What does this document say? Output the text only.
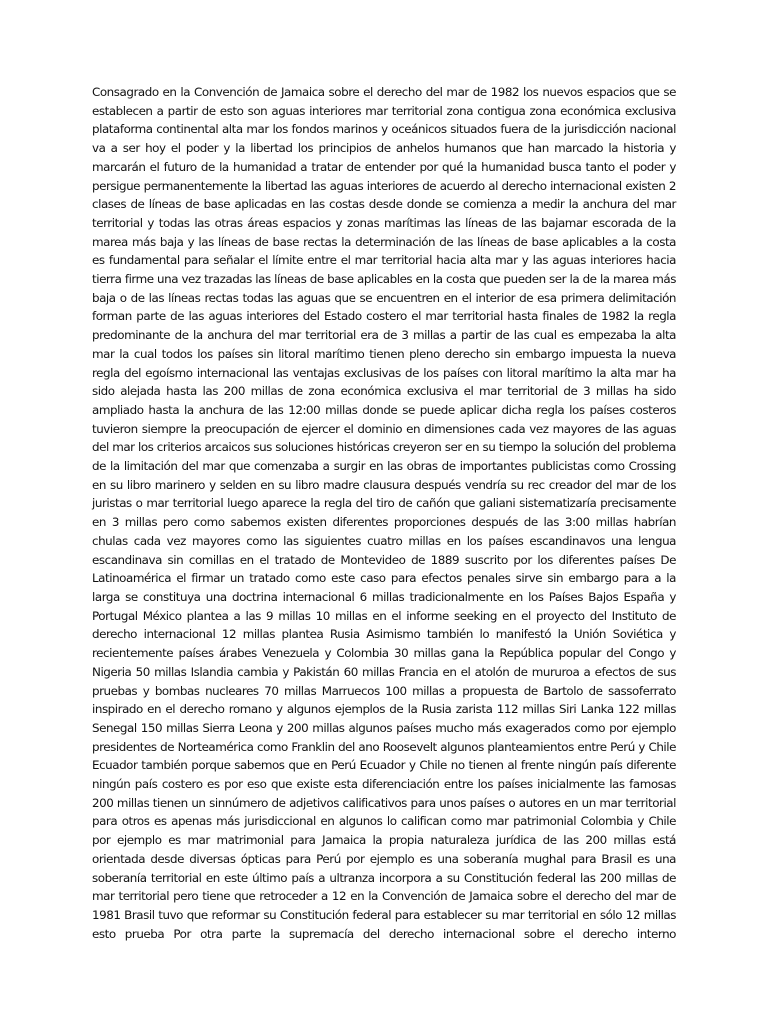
Consagrado en la Convención de Jamaica sobre el derecho del mar de 1982 los nuevos espacios que se establecen a partir de esto son aguas interiores mar territorial zona contigua zona económica exclusiva plataforma continental alta mar los fondos marinos y oceánicos situados fuera de la jurisdicción nacional va a ser hoy el poder y la libertad los principios de anhelos humanos que han marcado la historia y marcarán el futuro de la humanidad a tratar de entender por qué la humanidad busca tanto el poder y persigue permanentemente la libertad las aguas interiores de acuerdo al derecho internacional existen 2 clases de líneas de base aplicadas en las costas desde donde se comienza a medir la anchura del mar territorial y todas las otras áreas espacios y zonas marítimas las líneas de las bajamar escorada de la marea más baja y las líneas de base rectas la determinación de las líneas de base aplicables a la costa es fundamental para señalar el límite entre el mar territorial hacia alta mar y las aguas interiores hacia tierra firme una vez trazadas las líneas de base aplicables en la costa que pueden ser la de la marea más baja o de las líneas rectas todas las aguas que se encuentren en el interior de esa primera delimitación forman parte de las aguas interiores del Estado costero el mar territorial hasta finales de 1982 la regla predominante de la anchura del mar territorial era de 3 millas a partir de las cual es empezaba la alta mar la cual todos los países sin litoral marítimo tienen pleno derecho sin embargo impuesta la nueva regla del egoísmo internacional las ventajas exclusivas de los países con litoral marítimo la alta mar ha sido alejada hasta las 200 millas de zona económica exclusiva el mar territorial de 3 millas ha sido ampliado hasta la anchura de las 12:00 millas donde se puede aplicar dicha regla los países costeros tuvieron siempre la preocupación de ejercer el dominio en dimensiones cada vez mayores de las aguas del mar los criterios arcaicos sus soluciones históricas creyeron ser en su tiempo la solución del problema de la limitación del mar que comenzaba a surgir en las obras de importantes publicistas como Crossing en su libro marinero y selden en su libro madre clausura después vendría su rec creador del mar de los juristas o mar territorial luego aparece la regla del tiro de cañón que galiani sistematizaría precisamente en 3 millas pero como sabemos existen diferentes proporciones después de las 3:00 millas habrían chulas cada vez mayores como las siguientes cuatro millas en los países escandinavos una lengua escandinava sin comillas en el tratado de Montevideo de 1889 suscrito por los diferentes países De Latinoamérica el firmar un tratado como este caso para efectos penales sirve sin embargo para a la larga se constituya una doctrina internacional 6 millas tradicionalmente en los Países Bajos España y Portugal México plantea a las 9 millas 10 millas en el informe seeking en el proyecto del Instituto de derecho internacional 12 millas plantea Rusia Asimismo también lo manifestó la Unión Soviética y recientemente países árabes Venezuela y Colombia 30 millas gana la República popular del Congo y Nigeria 50 millas Islandia cambia y Pakistán 60 millas Francia en el atolón de mururoa a efectos de sus pruebas y bombas nucleares 70 millas Marruecos 100 millas a propuesta de Bartolo de sassoferrato inspirado en el derecho romano y algunos ejemplos de la Rusia zarista 112 millas Siri Lanka 122 millas Senegal 150 millas Sierra Leona y 200 millas algunos países mucho más exagerados como por ejemplo presidentes de Norteamérica como Franklin del ano Roosevelt algunos planteamientos entre Perú y Chile Ecuador también porque sabemos que en Perú Ecuador y Chile no tienen al frente ningún país diferente ningún país costero es por eso que existe esta diferenciación entre los países inicialmente las famosas 200 millas tienen un sinnúmero de adjetivos calificativos para unos países o autores en un mar territorial para otros es apenas más jurisdiccional en algunos lo califican como mar patrimonial Colombia y Chile por ejemplo es mar matrimonial para Jamaica la propia naturaleza jurídica de las 200 millas está orientada desde diversas ópticas para Perú por ejemplo es una soberanía mughal para Brasil es una soberanía territorial en este último país a ultranza incorpora a su Constitución federal las 200 millas de mar territorial pero tiene que retroceder a 12 en la Convención de Jamaica sobre el derecho del mar de 1981 Brasil tuvo que reformar su Constitución federal para establecer su mar territorial en sólo 12 millas esto prueba Por otra parte la supremacía del derecho internacional sobre el derecho interno
